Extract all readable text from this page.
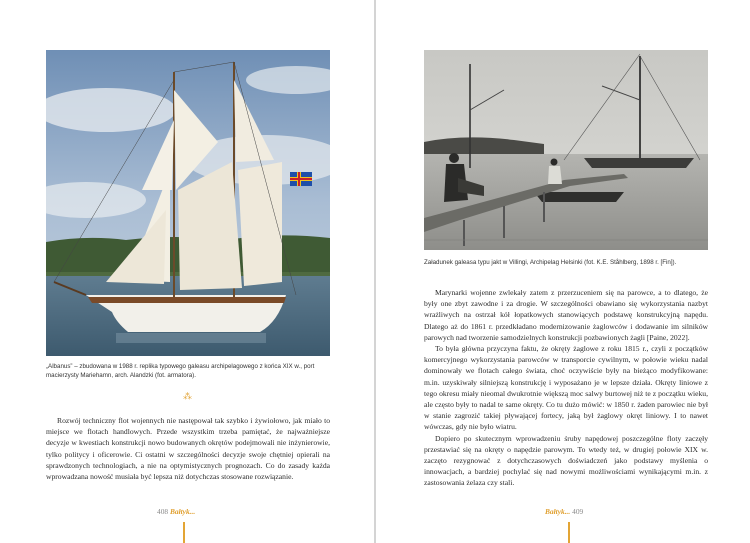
„Albanus” – zbudowana w 1988 r. replika typowego galeasu archipelagowego z końca XIX w., port macierzysty Mariehamn, arch. Alandzki (fot. armatora).
⁂

Rozwój techniczny flot wojennych nie następował tak szybko i żywiołowo, jak miało to miejsce we flotach handlowych. Przede wszystkim trzeba pamiętać, że najważniejsze decyzje w kwestiach konstrukcji nowo budowanych okrętów podejmowali nie inżynierowie, tylko politycy i oficerowie. Ci ostatni w szczególności decyzje swoje chętniej opierali na sprawdzonych technologiach, a nie na optymistycznych prognozach. Co do zasady każda wprowadzana nowość musiała być lepsza niż dotychczas stosowane rozwiązanie.

Załadunek galeasa typu jakt w Villingi, Archipelag Helsinki (fot. K.E. Ståhlberg, 1898 r. [Fin]).

Marynarki wojenne zwlekały zatem z przerzuceniem się na parowce, a to dlatego, że były one zbyt zawodne i za drogie. W szczególności obawiano się wykorzystania nazbyt wrażliwych na ostrzał kół łopatkowych stanowiących podstawę konstrukcyjną napędu. Dlatego aż do 1861 r. przedkładano modernizowanie żaglowców i dodawanie im silników parowych nad tworzenie samodzielnych konstrukcji pozbawionych żagli [Paine, 2022].

To była główna przyczyna faktu, że okręty żaglowe z roku 1815 r., czyli z początków komercyjnego wykorzystania parowców w transporcie cywilnym, w połowie wieku nadal dominowały we flotach całego świata, choć oczywiście były na bieżąco modyfikowane: m.in. uzyskiwały silniejszą konstrukcję i wyposażano je w lepsze działa. Okręty liniowe z tego okresu miały nieomal dwukrotnie większą moc salwy burtowej niż te z początku wieku, ale często były to nadal te same okręty. Co tu dużo mówić: w 1850 r. żaden parowiec nie był w stanie zagrozić takiej pływającej fortecy, jaką był żaglowy okręt liniowy. I to nawet wówczas, gdy nie było wiatru.

Dopiero po skutecznym wprowadzeniu śruby napędowej poszczególne floty zaczęły przestawiać się na okręty o napędzie parowym. To wtedy też, w drugiej połowie XIX w. zaczęto rezygnować z dotychczasowych doświadczeń jako podstawy myślenia o innowacjach, a bardziej pochylać się nad nowymi możliwościami wynikającymi m.in. z zastosowania żelaza czy stali.

408 Bałtyk...	Bałtyk... 409
